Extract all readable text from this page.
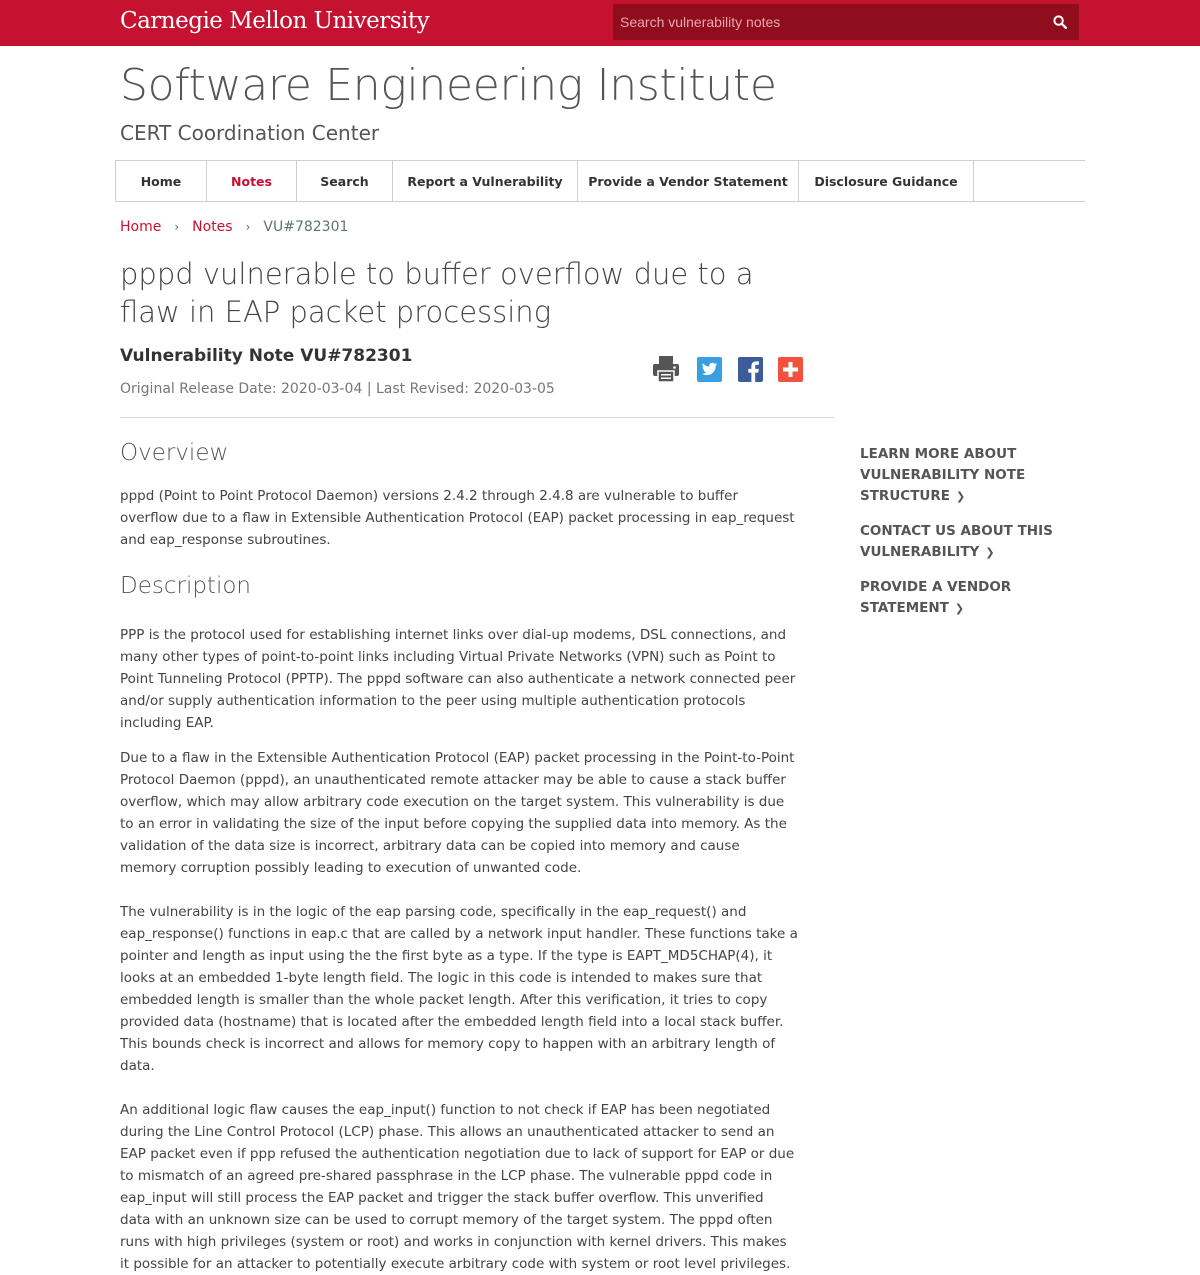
Carnegie Mellon University
Search vulnerability notes
Software Engineering Institute
CERT Coordination Center
Home	Notes	Search	Report a Vulnerability	Provide a Vendor Statement	Disclosure Guidance
Home › Notes › VU#782301
pppd vulnerable to buffer overflow due to a flaw in EAP packet processing
Vulnerability Note VU#782301
Original Release Date: 2020-03-04 | Last Revised: 2020-03-05
Overview

pppd (Point to Point Protocol Daemon) versions 2.4.2 through 2.4.8 are vulnerable to buffer overflow due to a flaw in Extensible Authentication Protocol (EAP) packet processing in eap_request and eap_response subroutines.

Description

PPP is the protocol used for establishing internet links over dial-up modems, DSL connections, and many other types of point-to-point links including Virtual Private Networks (VPN) such as Point to Point Tunneling Protocol (PPTP). The pppd software can also authenticate a network connected peer and/or supply authentication information to the peer using multiple authentication protocols including EAP.

Due to a flaw in the Extensible Authentication Protocol (EAP) packet processing in the Point-to-Point Protocol Daemon (pppd), an unauthenticated remote attacker may be able to cause a stack buffer overflow, which may allow arbitrary code execution on the target system. This vulnerability is due to an error in validating the size of the input before copying the supplied data into memory. As the validation of the data size is incorrect, arbitrary data can be copied into memory and cause memory corruption possibly leading to execution of unwanted code.

The vulnerability is in the logic of the eap parsing code, specifically in the eap_request() and eap_response() functions in eap.c that are called by a network input handler. These functions take a pointer and length as input using the the first byte as a type. If the type is EAPT_MD5CHAP(4), it looks at an embedded 1-byte length field. The logic in this code is intended to makes sure that embedded length is smaller than the whole packet length. After this verification, it tries to copy provided data (hostname) that is located after the embedded length field into a local stack buffer. This bounds check is incorrect and allows for memory copy to happen with an arbitrary length of data.

An additional logic flaw causes the eap_input() function to not check if EAP has been negotiated during the Line Control Protocol (LCP) phase. This allows an unauthenticated attacker to send an EAP packet even if ppp refused the authentication negotiation due to lack of support for EAP or due to mismatch of an agreed pre-shared passphrase in the LCP phase. The vulnerable pppd code in eap_input will still process the EAP packet and trigger the stack buffer overflow. This unverified data with an unknown size can be used to corrupt memory of the target system. The pppd often runs with high privileges (system or root) and works in conjunction with kernel drivers. This makes it possible for an attacker to potentially execute arbitrary code with system or root level privileges.

LEARN MORE ABOUT VULNERABILITY NOTE STRUCTURE ❯
CONTACT US ABOUT THIS VULNERABILITY ❯
PROVIDE A VENDOR STATEMENT ❯
